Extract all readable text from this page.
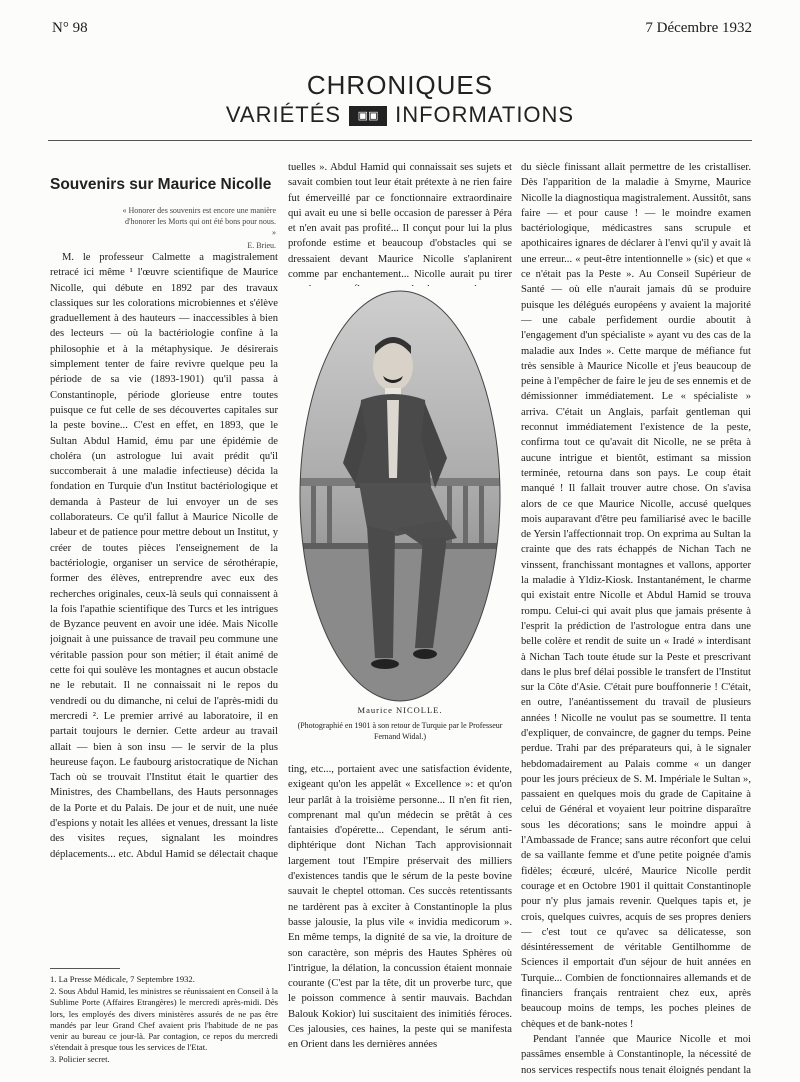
N° 98	7 Décembre 1932
CHRONIQUES
VARIÉTÉS ▣▣ INFORMATIONS
Souvenirs sur Maurice Nicolle
« Honorer des souvenirs est encore une manière d'honorer les Morts qui ont été bons pour nous. »
E. Brieu.

M. le professeur Calmette a magistralement retracé ici même ¹ l'œuvre scientifique de Maurice Nicolle, qui débute en 1892 par des travaux classiques sur les colorations microbiennes et s'élève graduellement à des hauteurs — inaccessibles à bien des lecteurs — où la bactériologie confine à la philosophie et à la métaphysique. Je désirerais simplement tenter de faire revivre quelque peu la période de sa vie (1893-1901) qu'il passa à Constantinople, période glorieuse entre toutes puisque ce fut celle de ses découvertes capitales sur la peste bovine... C'est en effet, en 1893, que le Sultan Abdul Hamid, ému par une épidémie de choléra (un astrologue lui avait prédit qu'il succomberait à une maladie infectieuse) décida la fondation en Turquie d'un Institut bactériologique et demanda à Pasteur de lui envoyer un de ses collaborateurs. Ce qu'il fallut à Maurice Nicolle de labeur et de patience pour mettre debout un Institut, y créer de toutes pièces l'enseignement de la bactériologie, organiser un service de sérothérapie, former des élèves, entreprendre avec eux des recherches originales, ceux-là seuls qui connaissent à la fois l'apathie scientifique des Turcs et les intrigues de Byzance peuvent en avoir une idée. Mais Nicolle joignait à une puissance de travail peu commune une véritable passion pour son métier; il était animé de cette foi qui soulève les montagnes et aucun obstacle ne le rebutait. Il ne connaissait ni le repos du vendredi ou du dimanche, ni celui de l'après-midi du mercredi ². Le premier arrivé au laboratoire, il en partait toujours le dernier. Cette ardeur au travail allait — bien à son insu — le servir de la plus heureuse façon. Le faubourg aristocratique de Nichan Tach où se trouvait l'Institut était le quartier des Ministres, des Chambellans, des Hauts personnages de la Porte et du Palais. De jour et de nuit, une nuée d'espions y notait les allées et venues, dressant la liste des visites reçues, signalant les moindres déplacements... etc. Abdul Hamid se délectait chaque

tuelles ». Abdul Hamid qui connaissait ses sujets et savait combien tout leur était prétexte à ne rien faire fut émerveillé par ce fonctionnaire extraordinaire qui avait eu une si belle occasion de paresser à Péra et n'en avait pas profité... Il conçut pour lui la plus profonde estime et beaucoup d'obstacles qui se dressaient devant Maurice Nicolle s'aplanirent comme par enchantement... Nicolle aurait pu tirer

Maurice NICOLLE.
(Photographié en 1901 à son retour de Turquie par le Professeur Fernand Widal.)

ting, etc..., portaient avec une satisfaction évidente, exigeant qu'on les appelât « Excellence »: et qu'on leur parlât à la troisième personne... Il n'en fit rien, comprenant mal qu'un médecin se prêtât à ces fantaisies d'opérette... Cependant, le sérum anti-diphtérique dont Nichan Tach approvisionnait largement tout l'Empire préservait des milliers d'existences tandis que le sérum de la peste bovine sauvait le cheptel ottoman. Ces succès retentissants ne tardèrent pas à exciter à Constantinople la plus basse jalousie, la plus vile « invidia medicorum ». En même temps, la dignité de sa vie, la droiture de son caractère, son mépris des Hautes Sphères où l'intrigue, la délation, la concussion étaient monnaie courante (C'est par la tête, dit un proverbe turc, que le poisson commence à sentir mauvais. Bachdan Balouk Kokior) lui suscitaient des inimitiés féroces. Ces jalousies, ces haines, la peste qui se manifesta en Orient dans les dernières années

du siècle finissant allait permettre de les cristalliser. Dès l'apparition de la maladie à Smyrne, Maurice Nicolle la diagnostiqua magistralement. Aussitôt, sans faire — et pour cause ! — le moindre examen bactériologique, médicastres sans scrupule et apothicaires ignares de déclarer à l'envi qu'il y avait là une erreur... « peut-être intentionnelle » (sic) et que « ce n'était pas la Peste ». Au Conseil Supérieur de Santé — où elle n'aurait jamais dû se produire puisque les délégués européens y avaient la majorité — une cabale perfidement ourdie aboutit à l'engagement d'un spécialiste » ayant vu des cas de la maladie aux Indes ». Cette marque de méfiance fut très sensible à Maurice Nicolle et j'eus beaucoup de peine à l'empêcher de faire le jeu de ses ennemis et de démissionner immédiatement. Le « spécialiste » arriva. C'était un Anglais, parfait gentleman qui reconnut immédiatement l'existence de la peste, confirma tout ce qu'avait dit Nicolle, ne se prêta à aucune intrigue et bientôt, estimant sa mission terminée, retourna dans son pays. Le coup était manqué ! Il fallait trouver autre chose. On s'avisa alors de ce que Maurice Nicolle, accusé quelques mois auparavant d'être peu familiarisé avec le bacille de Yersin l'affectionnait trop. On exprima au Sultan la crainte que des rats échappés de Nichan Tach ne vinssent, franchissant montagnes et vallons, apporter la maladie à Yldiz-Kiosk. Instantanément, le charme qui existait entre Nicolle et Abdul Hamid se trouva rompu. Celui-ci qui avait plus que jamais présente à l'esprit la prédiction de l'astrologue entra dans une belle colère et rendit de suite un « Iradé » interdisant à Nichan Tach toute étude sur la Peste et prescrivant dans le plus bref délai possible le transfert de l'Institut sur la Côte d'Asie. C'était pure bouffonnerie ! C'était, en outre, l'anéantissement du travail de plusieurs années ! Nicolle ne voulut pas se soumettre. Il tenta d'expliquer, de convaincre, de gagner du temps. Peine perdue. Trahi par des préparateurs qui, à le signaler hebdomadairement au Palais comme « un danger pour les jours précieux de S. M. Impériale le Sultan », passaient en quelques mois du grade de Capitaine à celui de Général et voyaient leur poitrine disparaître sous les décorations; sans le moindre appui à l'Ambassade de France; sans autre réconfort que celui de sa vaillante femme et d'une petite poignée d'amis fidèles; écœuré, ulcéré, Maurice Nicolle perdit courage et en Octobre 1901 il quittait Constantinople pour n'y plus jamais revenir. Quelques tapis et, je crois, quelques cuivres, acquis de ses propres deniers — c'est tout ce qu'avec sa délicatesse, son désintéressement de véritable Gentilhomme de Sciences il emportait d'un séjour de huit années en Turquie... Combien de fonctionnaires allemands et de financiers français rentraient chez eux, après beaucoup moins de temps, les poches pleines de chèques et de bank-notes !

Pendant l'année que Maurice Nicolle et moi passâmes ensemble à Constantinople, la nécessité de nos services respectifs nous tenait éloignés pendant la

1. La Presse Médicale, 7 Septembre 1932.
2. Sous Abdul Hamid, les ministres se réunissaient en Conseil à la Sublime Porte (Affaires Etrangères) le mercredi après-midi. Dès lors, les employés des divers ministères assurés de ne pas être mandés par leur Grand Chef avaient pris l'habitude de ne pas venir au bureau ce jour-là. Par contagion, ce repos du mercredi s'étendait à presque tous les services de l'Etat.
3. Policier secret.
